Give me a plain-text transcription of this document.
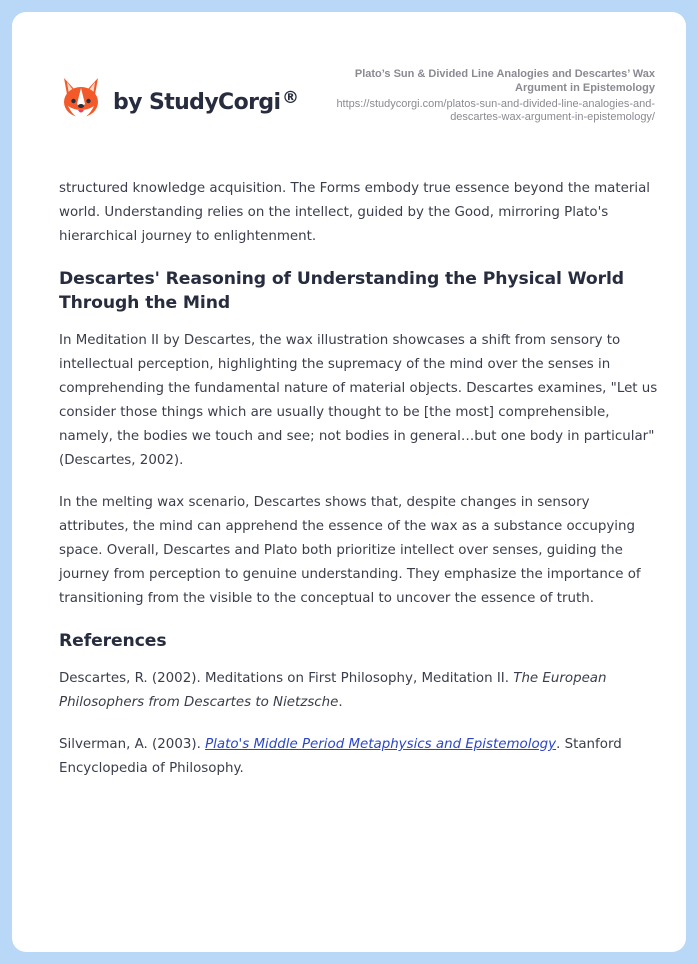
by StudyCorgi ®
Plato’s Sun & Divided Line Analogies and Descartes’ Wax Argument in Epistemology
https://studycorgi.com/platos-sun-and-divided-line-analogies-and-descartes-wax-argument-in-epistemology/

structured knowledge acquisition. The Forms embody true essence beyond the material world. Understanding relies on the intellect, guided by the Good, mirroring Plato's hierarchical journey to enlightenment.

Descartes' Reasoning of Understanding the Physical World Through the Mind

In Meditation II by Descartes, the wax illustration showcases a shift from sensory to intellectual perception, highlighting the supremacy of the mind over the senses in comprehending the fundamental nature of material objects. Descartes examines, "Let us consider those things which are usually thought to be [the most] comprehensible, namely, the bodies we touch and see; not bodies in general…but one body in particular" (Descartes, 2002).

In the melting wax scenario, Descartes shows that, despite changes in sensory attributes, the mind can apprehend the essence of the wax as a substance occupying space. Overall, Descartes and Plato both prioritize intellect over senses, guiding the journey from perception to genuine understanding. They emphasize the importance of transitioning from the visible to the conceptual to uncover the essence of truth.

References

Descartes, R. (2002). Meditations on First Philosophy, Meditation II. The European Philosophers from Descartes to Nietzsche.

Silverman, A. (2003). Plato's Middle Period Metaphysics and Epistemology. Stanford Encyclopedia of Philosophy.
